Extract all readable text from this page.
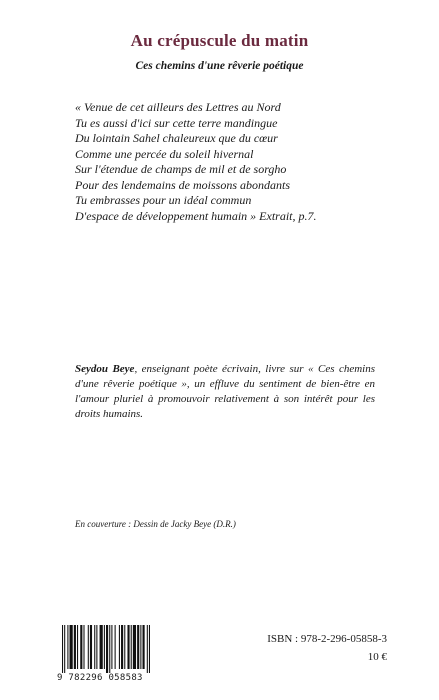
Au crépuscule du matin
Ces chemins d'une rêverie poétique
« Venue de cet ailleurs des Lettres au Nord
Tu es aussi d'ici sur cette terre mandingue
Du lointain Sahel chaleureux que du cœur
Comme une percée du soleil hivernal
Sur l'étendue de champs de mil et de sorgho
Pour des lendemains de moissons abondants
Tu embrasses pour un idéal commun
D'espace de développement humain » Extrait, p.7.
Seydou Beye, enseignant poète écrivain, livre sur « Ces chemins d'une rêverie poétique », un effluve du sentiment de bien-être en l'amour pluriel à promouvoir relativement à son intérêt pour les droits humains.
En couverture : Dessin de Jacky Beye (D.R.)
9 782296 058583
ISBN : 978-2-296-05858-3
10 €
